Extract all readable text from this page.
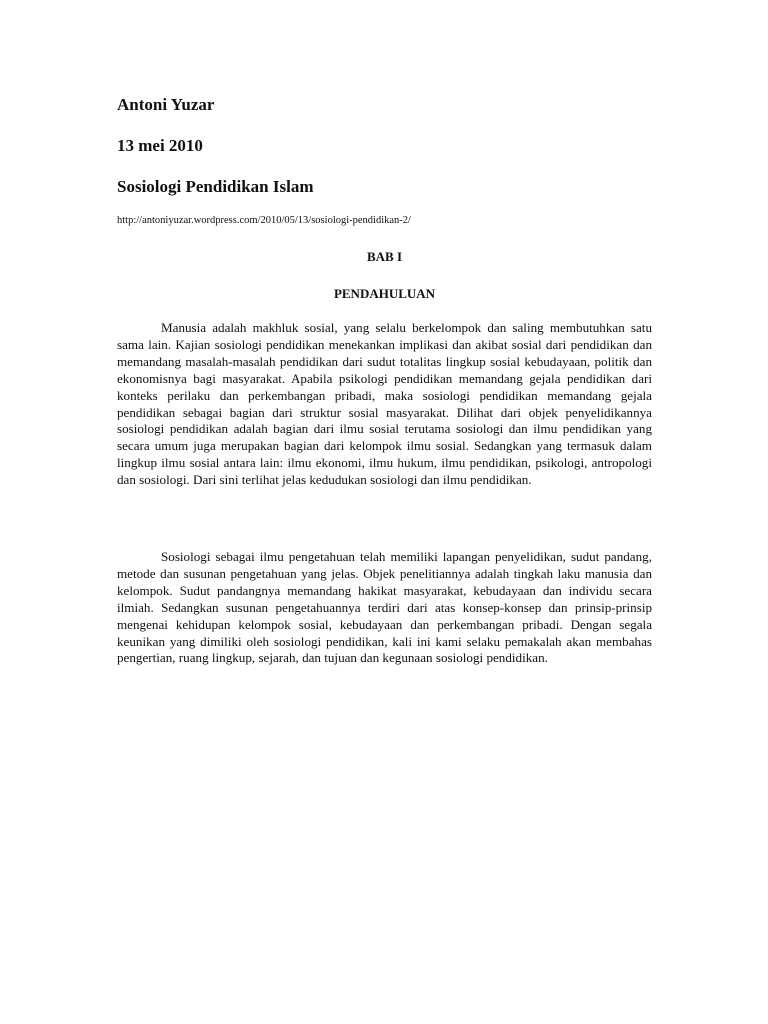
Antoni Yuzar

13 mei 2010

Sosiologi Pendidikan Islam

http://antoniyuzar.wordpress.com/2010/05/13/sosiologi-pendidikan-2/

BAB I

PENDAHULUAN

Manusia adalah makhluk sosial, yang selalu berkelompok dan saling membutuhkan satu sama lain. Kajian sosiologi pendidikan menekankan implikasi dan akibat sosial dari pendidikan dan memandang masalah-masalah pendidikan dari sudut totalitas lingkup sosial kebudayaan, politik dan ekonomisnya bagi masyarakat. Apabila psikologi pendidikan memandang gejala pendidikan dari konteks perilaku dan perkembangan pribadi, maka sosiologi pendidikan memandang gejala pendidikan sebagai bagian dari struktur sosial masyarakat. Dilihat dari objek penyelidikannya sosiologi pendidikan adalah bagian dari ilmu sosial terutama sosiologi dan ilmu pendidikan yang secara umum juga merupakan bagian dari kelompok ilmu sosial. Sedangkan yang termasuk dalam lingkup ilmu sosial antara lain: ilmu ekonomi, ilmu hukum, ilmu pendidikan, psikologi, antropologi dan sosiologi. Dari sini terlihat jelas kedudukan sosiologi dan ilmu pendidikan.

Sosiologi sebagai ilmu pengetahuan telah memiliki lapangan penyelidikan, sudut pandang, metode dan susunan pengetahuan yang jelas. Objek penelitiannya adalah tingkah laku manusia dan kelompok. Sudut pandangnya memandang hakikat masyarakat, kebudayaan dan individu secara ilmiah. Sedangkan susunan pengetahuannya terdiri dari atas konsep-konsep dan prinsip-prinsip mengenai kehidupan kelompok sosial, kebudayaan dan perkembangan pribadi. Dengan segala keunikan yang dimiliki oleh sosiologi pendidikan, kali ini kami selaku pemakalah akan membahas pengertian, ruang lingkup, sejarah, dan tujuan dan kegunaan sosiologi pendidikan.
